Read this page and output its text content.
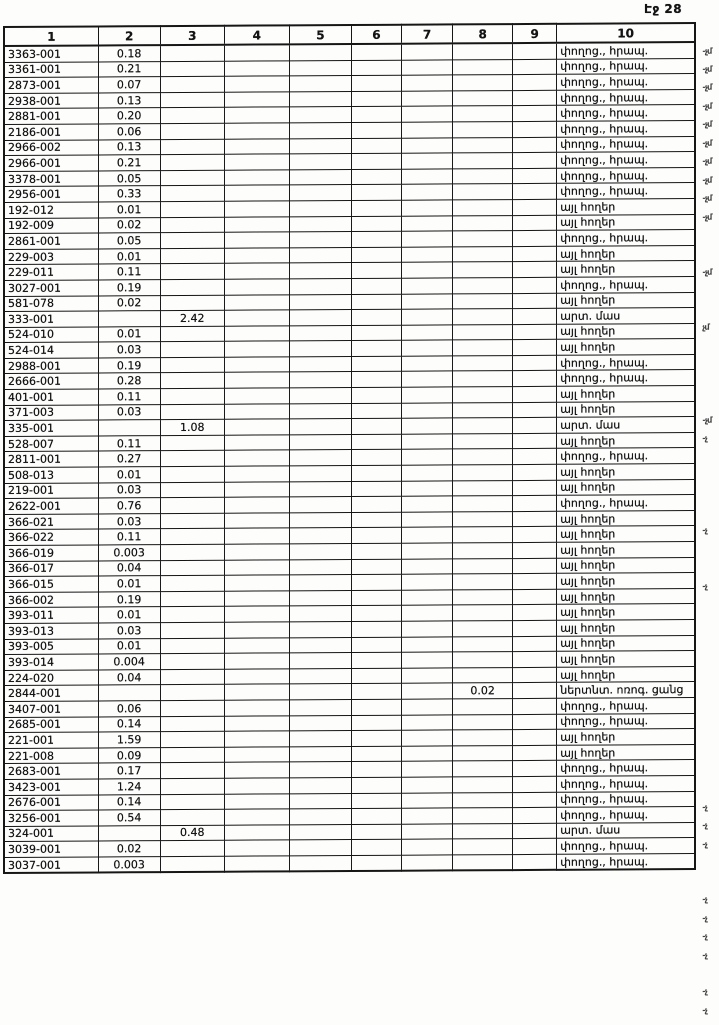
Էջ 28
1	2	3	4	5	6	7	8	9	10
3363-001	0.18								փողոց., հրապ.
3361-001	0.21								փողոց., հրապ.
2873-001	0.07								փողոց., հրապ.
2938-001	0.13								փողոց., հրապ.
2881-001	0.20								փողոց., հրապ.
2186-001	0.06								փողոց., հրապ.
2966-002	0.13								փողոց., հրապ.
2966-001	0.21								փողոց., հրապ.
3378-001	0.05								փողոց., հրապ.
2956-001	0.33								փողոց., հրապ.
192-012	0.01								այլ հողեր
192-009	0.02								այլ հողեր
2861-001	0.05								փողոց., հրապ.
229-003	0.01								այլ հողեր
229-011	0.11								այլ հողեր
3027-001	0.19								փողոց., հրապ.
581-078	0.02								այլ հողեր
333-001		2.42							արտ. մաս
524-010	0.01								այլ հողեր
524-014	0.03								այլ հողեր
2988-001	0.19								փողոց., հրապ.
2666-001	0.28								փողոց., հրապ.
401-001	0.11								այլ հողեր
371-003	0.03								այլ հողեր
335-001		1.08							արտ. մաս
528-007	0.11								այլ հողեր
2811-001	0.27								փողոց., հրապ.
508-013	0.01								այլ հողեր
219-001	0.03								այլ հողեր
2622-001	0.76								փողոց., հրապ.
366-021	0.03								այլ հողեր
366-022	0.11								այլ հողեր
366-019	0.003								այլ հողեր
366-017	0.04								այլ հողեր
366-015	0.01								այլ հողեր
366-002	0.19								այլ հողեր
393-011	0.01								այլ հողեր
393-013	0.03								այլ հողեր
393-005	0.01								այլ հողեր
393-014	0.004								այլ հողեր
224-020	0.04								այլ հողեր
2844-001							0.02		ներտնտ. ոռոգ. ցանց
3407-001	0.06								փողոց., հրապ.
2685-001	0.14								փողոց., հրապ.
221-001	1.59								այլ հողեր
221-008	0.09								այլ հողեր
2683-001	0.17								փողոց., հրապ.
3423-001	1.24								փողոց., հրապ.
2676-001	0.14								փողոց., հրապ.
3256-001	0.54								փողոց., հրապ.
324-001		0.48							արտ. մաս
3039-001	0.02								փողոց., հրապ.
3037-001	0.003								փողոց., հրապ.
-չմ
-չմ
-չմ
-չմ
-չմ
-չմ
-չմ
-չմ
-չմ
-չմ
-չմ
չմ
-չմ
-չ
-չ
-չ
-չ
-չ
-չ
-չ
-չ
-չ
-չ
-չ
-չ
